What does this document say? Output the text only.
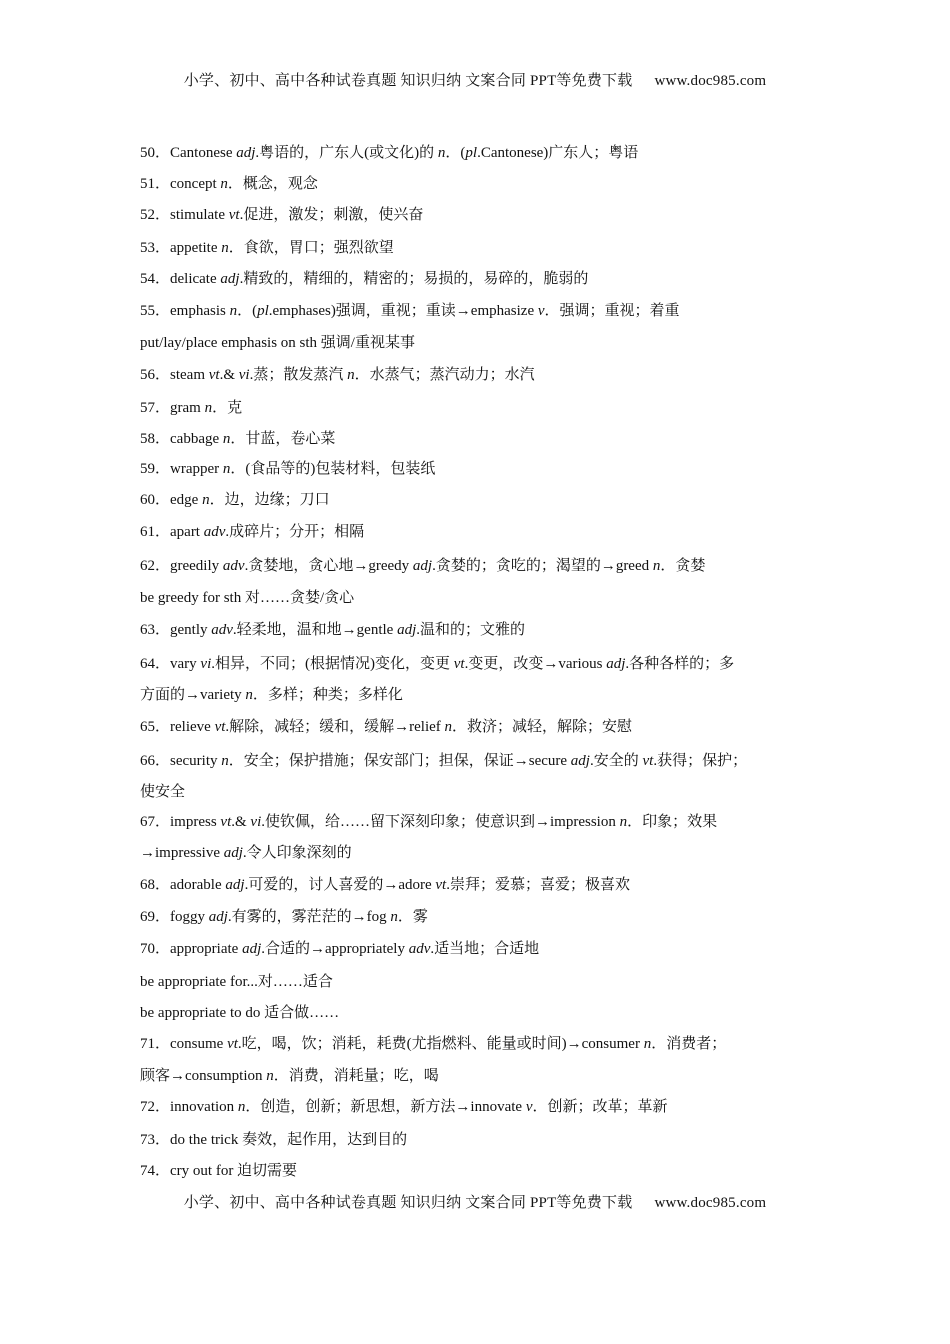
小学、初中、高中各种试卷真题 知识归纳 文案合同 PPT等免费下载 www.doc985.com
50．Cantonese adj.粤语的，广东人(或文化)的 n．(pl.Cantonese)广东人；粤语
51．concept n．概念，观念
52．stimulate vt.促进，激发；刺激，使兴奋
53．appetite n．食欲，胃口；强烈欲望
54．delicate adj.精致的，精细的，精密的；易损的，易碎的，脆弱的
55．emphasis n．(pl.emphases)强调，重视；重读→emphasize v．强调；重视；着重
put/lay/place emphasis on sth 强调/重视某事
56．steam vt.& vi.蒸；散发蒸汽 n．水蒸气；蒸汽动力；水汽
57．gram n．克
58．cabbage n．甘蓝，卷心菜
59．wrapper n．(食品等的)包装材料，包装纸
60．edge n．边，边缘；刀口
61．apart adv.成碎片；分开；相隔
62．greedily adv.贪婪地，贪心地→greedy adj.贪婪的；贪吃的；渴望的→greed n．贪婪
be greedy for sth 对……贪婪/贪心
63．gently adv.轻柔地，温和地→gentle adj.温和的；文雅的
64．vary vi.相异，不同；(根据情况)变化，变更 vt.变更，改变→various adj.各种各样的；多
方面的→variety n．多样；种类；多样化
65．relieve vt.解除，减轻；缓和，缓解→relief n．救济；减轻，解除；安慰
66．security n．安全；保护措施；保安部门；担保，保证→secure adj.安全的 vt.获得；保护；
使安全
67．impress vt.& vi.使钦佩，给……留下深刻印象；使意识到→impression n．印象；效果
→impressive adj.令人印象深刻的
68．adorable adj.可爱的，讨人喜爱的→adore vt.崇拜；爱慕；喜爱；极喜欢
69．foggy adj.有雾的，雾茫茫的→fog n．雾
70．appropriate adj.合适的→appropriately adv.适当地；合适地
be appropriate for...对……适合
be appropriate to do 适合做……
71．consume vt.吃，喝，饮；消耗，耗费(尤指燃料、能量或时间)→consumer n．消费者；
顾客→consumption n．消费，消耗量；吃，喝
72．innovation n．创造，创新；新思想，新方法→innovate v．创新；改革；革新
73．do the trick 奏效，起作用，达到目的
74．cry out for 迫切需要
小学、初中、高中各种试卷真题 知识归纳 文案合同 PPT等免费下载 www.doc985.com
